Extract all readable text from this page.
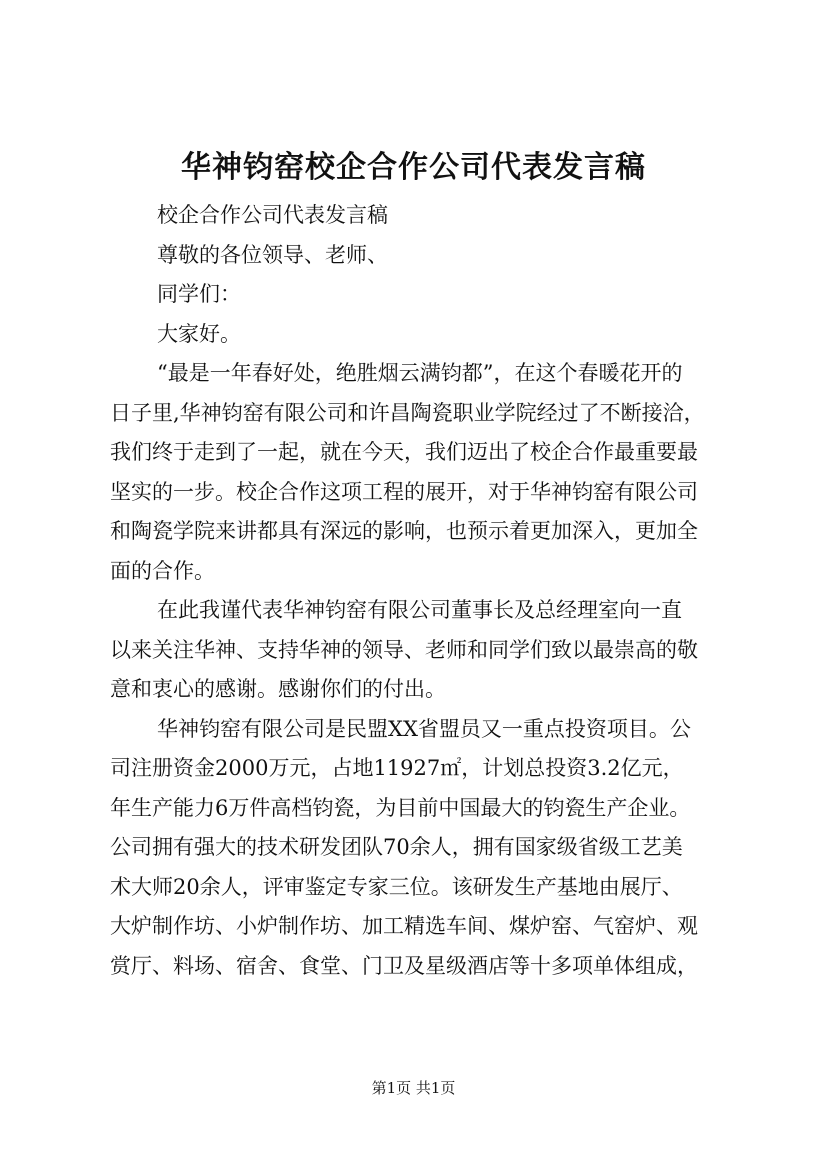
华神钧窑校企合作公司代表发言稿
校企合作公司代表发言稿
尊敬的各位领导、老师、
同学们：
大家好。
“最是一年春好处，绝胜烟云满钧都”，在这个春暖花开的
日子里,华神钧窑有限公司和许昌陶瓷职业学院经过了不断接洽，
我们终于走到了一起，就在今天，我们迈出了校企合作最重要最
坚实的一步。校企合作这项工程的展开，对于华神钧窑有限公司
和陶瓷学院来讲都具有深远的影响，也预示着更加深入，更加全
面的合作。
在此我谨代表华神钧窑有限公司董事长及总经理室向一直
以来关注华神、支持华神的领导、老师和同学们致以最崇高的敬
意和衷心的感谢。感谢你们的付出。
华神钧窑有限公司是民盟XX省盟员又一重点投资项目。公
司注册资金2000万元，占地11927㎡，计划总投资3.2亿元，
年生产能力6万件高档钧瓷，为目前中国最大的钧瓷生产企业。
公司拥有强大的技术研发团队70余人，拥有国家级省级工艺美
术大师20余人，评审鉴定专家三位。该研发生产基地由展厅、
大炉制作坊、小炉制作坊、加工精选车间、煤炉窑、气窑炉、观
赏厅、料场、宿舍、食堂、门卫及星级酒店等十多项单体组成，
第1页 共1页
